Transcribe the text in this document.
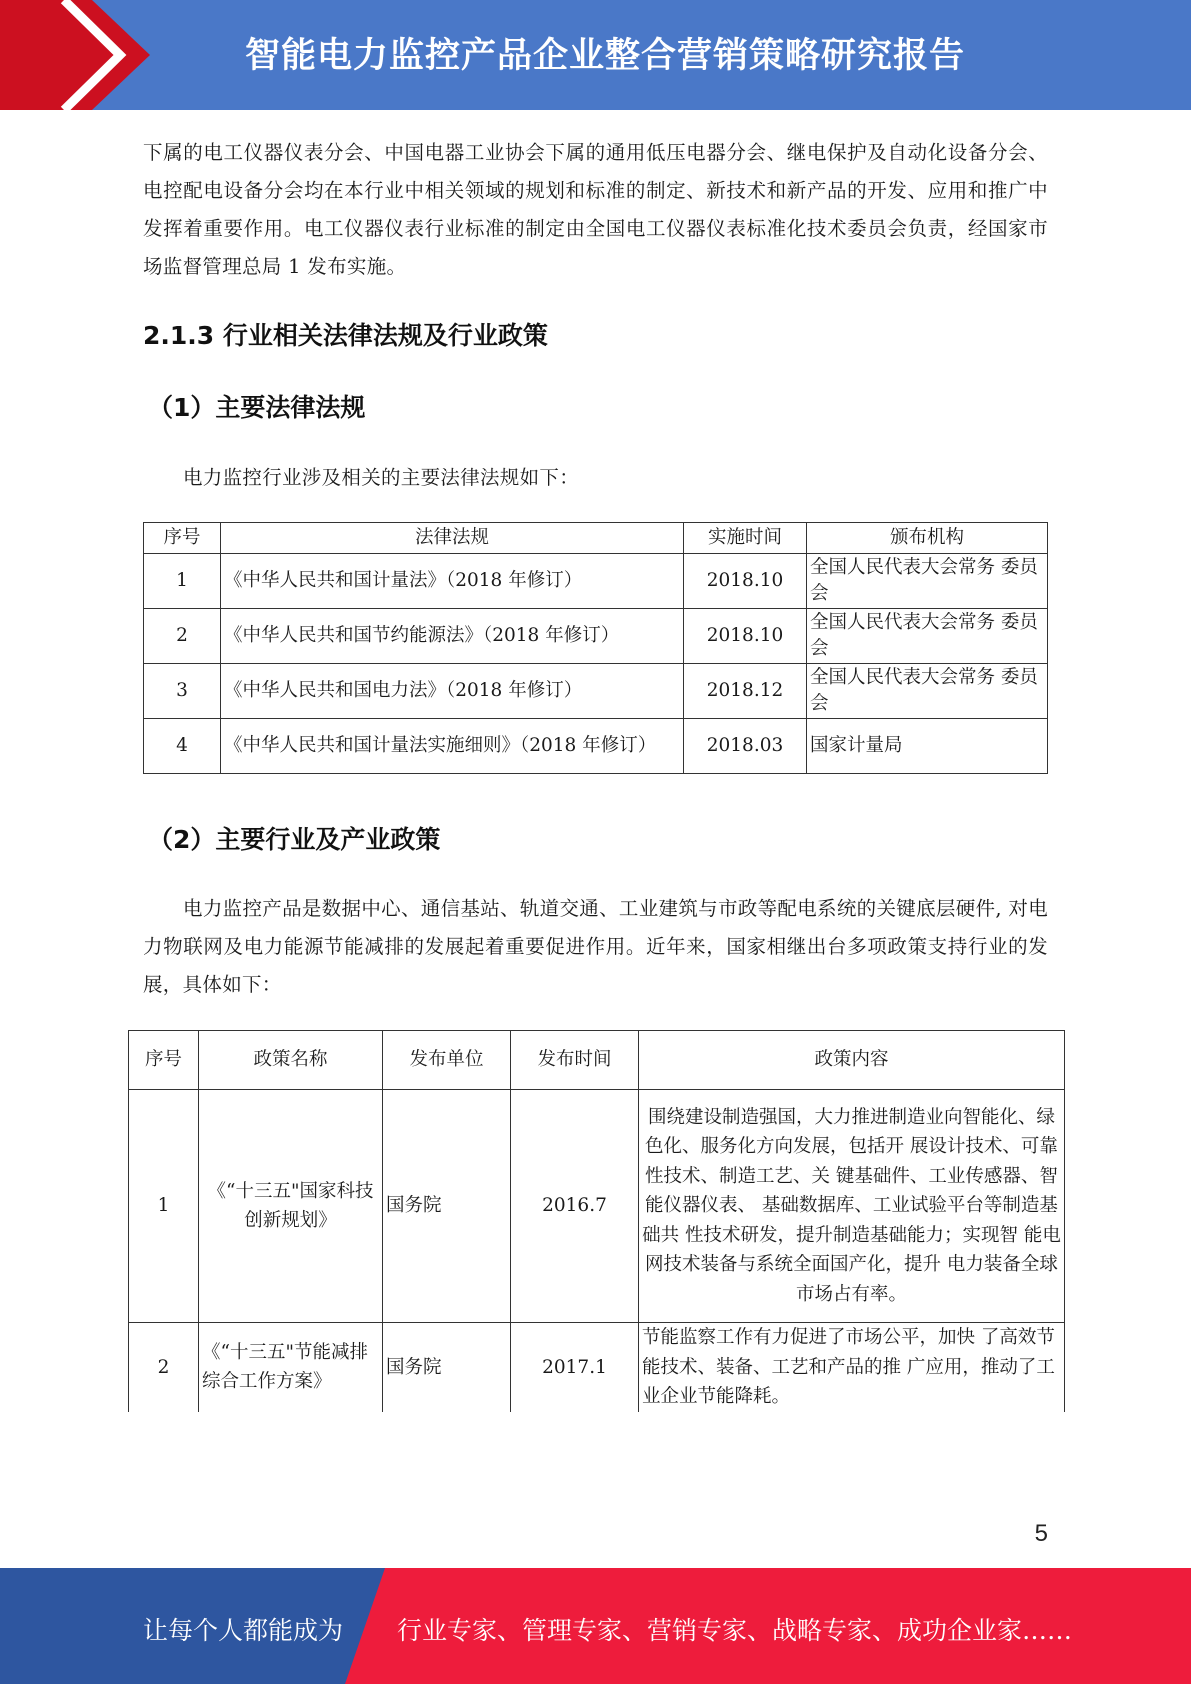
智能电力监控产品企业整合营销策略研究报告

下属的电工仪器仪表分会、中国电器工业协会下属的通用低压电器分会、继电保护及自动化设备分会、电控配电设备分会均在本行业中相关领域的规划和标准的制定、新技术和新产品的开发、应用和推广中发挥着重要作用。电工仪器仪表行业标准的制定由全国电工仪器仪表标准化技术委员会负责，经国家市场监督管理总局 1 发布实施。

2.1.3 行业相关法律法规及行业政策
（1）主要法律法规

电力监控行业涉及相关的主要法律法规如下：

序号	法律法规	实施时间	颁布机构
1	《中华人民共和国计量法》（2018 年修订）	2018.10	全国人民代表大会常务 委员会
2	《中华人民共和国节约能源法》（2018 年修订）	2018.10	全国人民代表大会常务 委员会
3	《中华人民共和国电力法》（2018 年修订）	2018.12	全国人民代表大会常务 委员会
4	《中华人民共和国计量法实施细则》（2018 年修订）	2018.03	国家计量局
（2）主要行业及产业政策

电力监控产品是数据中心、通信基站、轨道交通、工业建筑与市政等配电系统的关键底层硬件, 对电力物联网及电力能源节能减排的发展起着重要促进作用。近年来，国家相继出台多项政策支持行业的发展，具体如下：

序号	政策名称	发布单位	发布时间	政策内容
1	《“十三五"国家科技创新规划》	国务院	2016.7	围绕建设制造强国，大力推进制造业向智能化、绿色化、服务化方向发展，包括开 展设计技术、可靠性技术、制造工艺、关 键基础件、工业传感器、智能仪器仪表、 基础数据库、工业试验平台等制造基础共 性技术研发，提升制造基础能力；实现智 能电网技术装备与系统全面国产化，提升 电力装备全球市场占有率。
2	《“十三五"节能减排综合工作方案》	国务院	2017.1	节能监察工作有力促进了市场公平，加快 了高效节能技术、装备、工艺和产品的推 广应用，推动了工业企业节能降耗。
5
让每个人都能成为 行业专家、管理专家、营销专家、战略专家、成功企业家……
